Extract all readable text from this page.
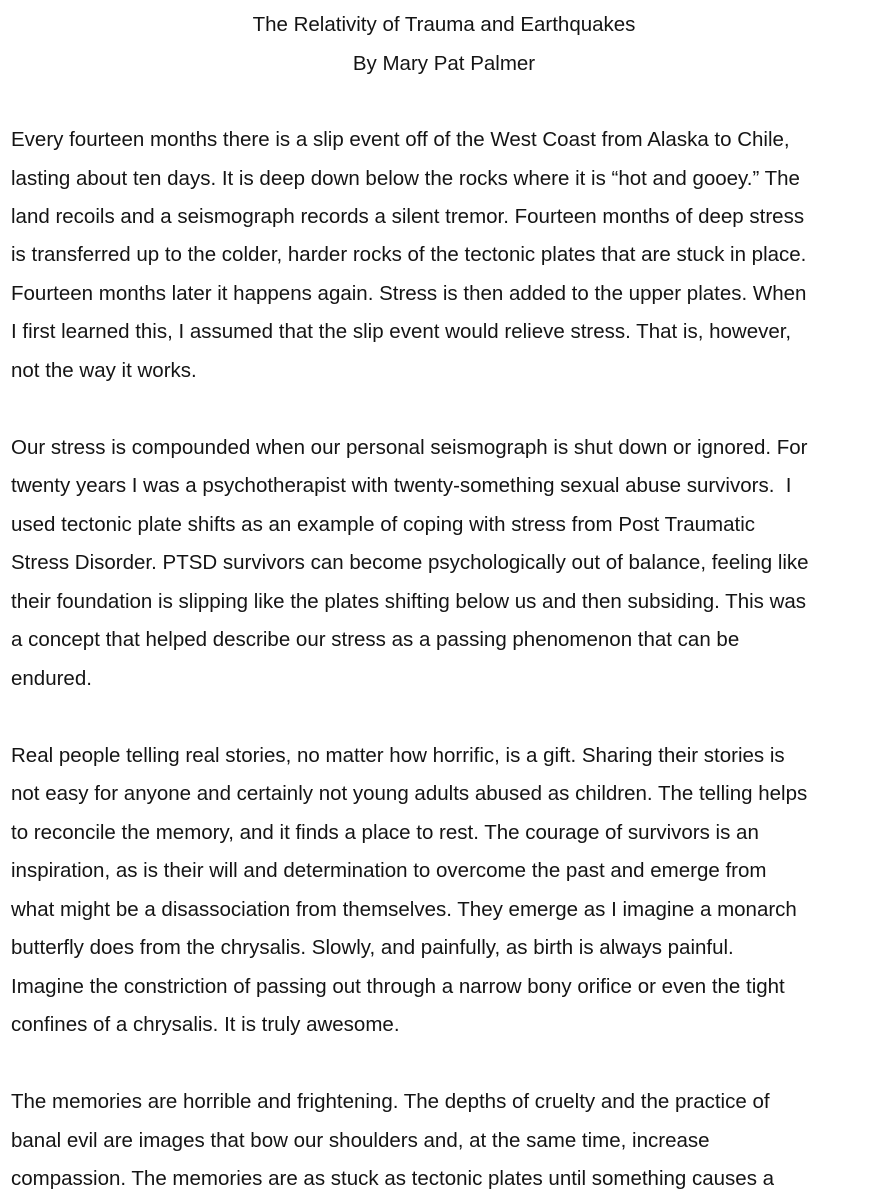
The Relativity of Trauma and Earthquakes
By Mary Pat Palmer
Every fourteen months there is a slip event off of the West Coast from Alaska to Chile,
lasting about ten days. It is deep down below the rocks where it is “hot and gooey.” The
land recoils and a seismograph records a silent tremor. Fourteen months of deep stress
is transferred up to the colder, harder rocks of the tectonic plates that are stuck in place.
Fourteen months later it happens again. Stress is then added to the upper plates. When
I first learned this, I assumed that the slip event would relieve stress. That is, however,
not the way it works.
Our stress is compounded when our personal seismograph is shut down or ignored. For
twenty years I was a psychotherapist with twenty-something sexual abuse survivors.  I
used tectonic plate shifts as an example of coping with stress from Post Traumatic
Stress Disorder. PTSD survivors can become psychologically out of balance, feeling like
their foundation is slipping like the plates shifting below us and then subsiding. This was
a concept that helped describe our stress as a passing phenomenon that can be
endured.
Real people telling real stories, no matter how horrific, is a gift. Sharing their stories is
not easy for anyone and certainly not young adults abused as children. The telling helps
to reconcile the memory, and it finds a place to rest. The courage of survivors is an
inspiration, as is their will and determination to overcome the past and emerge from
what might be a disassociation from themselves. They emerge as I imagine a monarch
butterfly does from the chrysalis. Slowly, and painfully, as birth is always painful.
Imagine the constriction of passing out through a narrow bony orifice or even the tight
confines of a chrysalis. It is truly awesome.
The memories are horrible and frightening. The depths of cruelty and the practice of
banal evil are images that bow our shoulders and, at the same time, increase
compassion. The memories are as stuck as tectonic plates until something causes a
